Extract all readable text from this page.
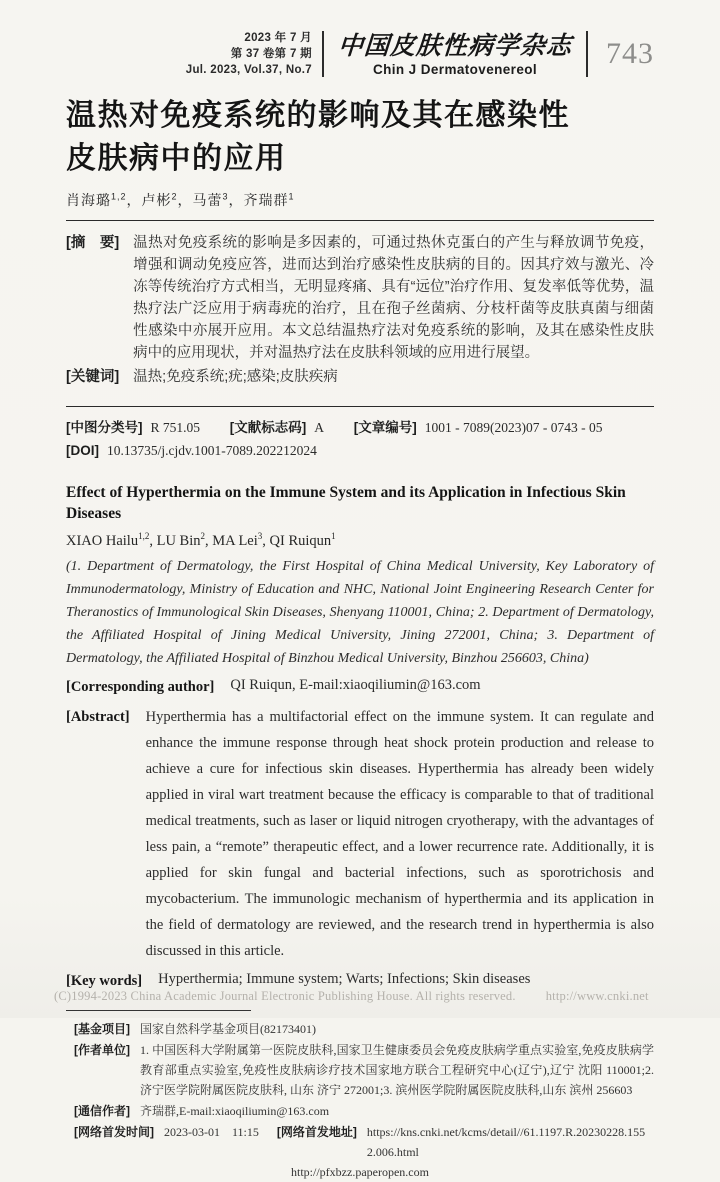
2023 年 7 月
第 37 卷第 7 期
Jul. 2023, Vol.37, No.7
中国皮肤性病学杂志
Chin J Dermatovenereol	743
温热对免疫系统的影响及其在感染性
皮肤病中的应用
肖海璐$^{1,2}$，卢彬$^2$，马蕾$^3$，齐瑞群$^1$
[摘　要] 温热对免疫系统的影响是多因素的，可通过热休克蛋白的产生与释放调节免疫，增强和调动免疫应答，进而达到治疗感染性皮肤病的目的。因其疗效与激光、冷冻等传统治疗方式相当，无明显疼痛、具有“远位”治疗作用、复发率低等优势，温热疗法广泛应用于病毒疣的治疗，且在孢子丝菌病、分枝杆菌等皮肤真菌与细菌性感染中亦展开应用。本文总结温热疗法对免疫系统的影响，及其在感染性皮肤病中的应用现状，并对温热疗法在皮肤科领域的应用进行展望。
[关键词] 温热;免疫系统;疣;感染;皮肤疾病
[中图分类号] R 751.05 [文献标志码] A [文章编号] 1001 - 7089(2023)07 - 0743 - 05
[DOI] 10.13735/j.cjdv.1001-7089.202212024
Effect of Hyperthermia on the Immune System and its Application in Infectious Skin Diseases
XIAO Hailu$^{1,2}$, LU Bin$^2$, MA Lei$^3$, QI Ruiqun$^1$
(1. Department of Dermatology, the First Hospital of China Medical University, Key Laboratory of Immunodermatology, Ministry of Education and NHC, National Joint Engineering Research Center for Theranostics of Immunological Skin Diseases, Shenyang 110001, China; 2. Department of Dermatology, the Affiliated Hospital of Jining Medical University, Jining 272001, China; 3. Department of Dermatology, the Affiliated Hospital of Binzhou Medical University, Binzhou 256603, China)
[Corresponding author] QI Ruiqun, E-mail:xiaoqiliumin@163.com
[Abstract] Hyperthermia has a multifactorial effect on the immune system. It can regulate and enhance the immune response through heat shock protein production and release to achieve a cure for infectious skin diseases. Hyperthermia has already been widely applied in viral wart treatment because the efficacy is comparable to that of traditional medical treatments, such as laser or liquid nitrogen cryotherapy, with the advantages of less pain, a “remote” therapeutic effect, and a lower recurrence rate. Additionally, it is applied for skin fungal and bacterial infections, such as sporotrichosis and mycobacterium. The immunologic mechanism of hyperthermia and its application in the field of dermatology are reviewed, and the research trend in hyperthermia is also discussed in this article.
[Key words] Hyperthermia; Immune system; Warts; Infections; Skin diseases
[基金项目] 国家自然科学基金项目(82173401)
[作者单位] 1. 中国医科大学附属第一医院皮肤科,国家卫生健康委员会免疫皮肤病学重点实验室,免疫皮肤病学教育部重点实验室,免疫性皮肤病诊疗技术国家地方联合工程研究中心(辽宁),辽宁 沈阳 110001;2. 济宁医学院附属医院皮肤科, 山东 济宁 272001;3. 滨州医学院附属医院皮肤科,山东 滨州 256603
[通信作者] 齐瑞群,E-mail:xiaoqiliumin@163.com
[网络首发时间] 2023-03-01　11:15	[网络首发地址] https://kns.cnki.net/kcms/detail//61.1197.R.20230228.1552.006.html
http://pfxbzz.paperopen.com
(C)1994-2023 China Academic Journal Electronic Publishing House. All rights reserved. http://www.cnki.net
